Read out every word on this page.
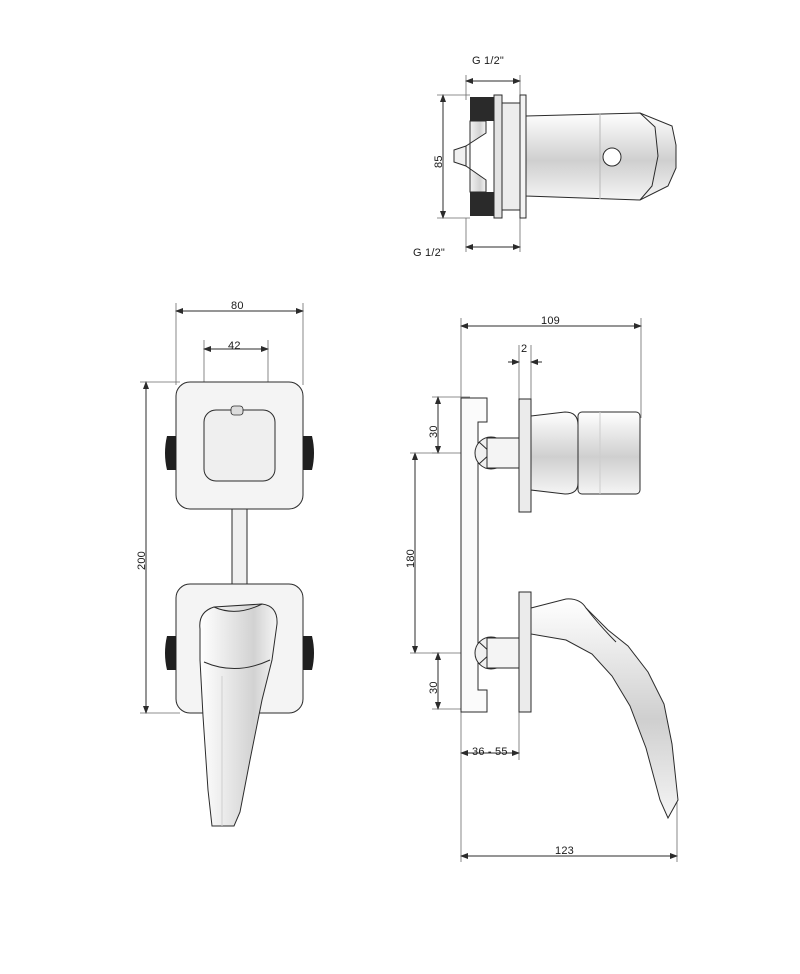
G 1/2"
85
G 1/2"
80
42
200
109
2
30
180
30
36 - 55
123
